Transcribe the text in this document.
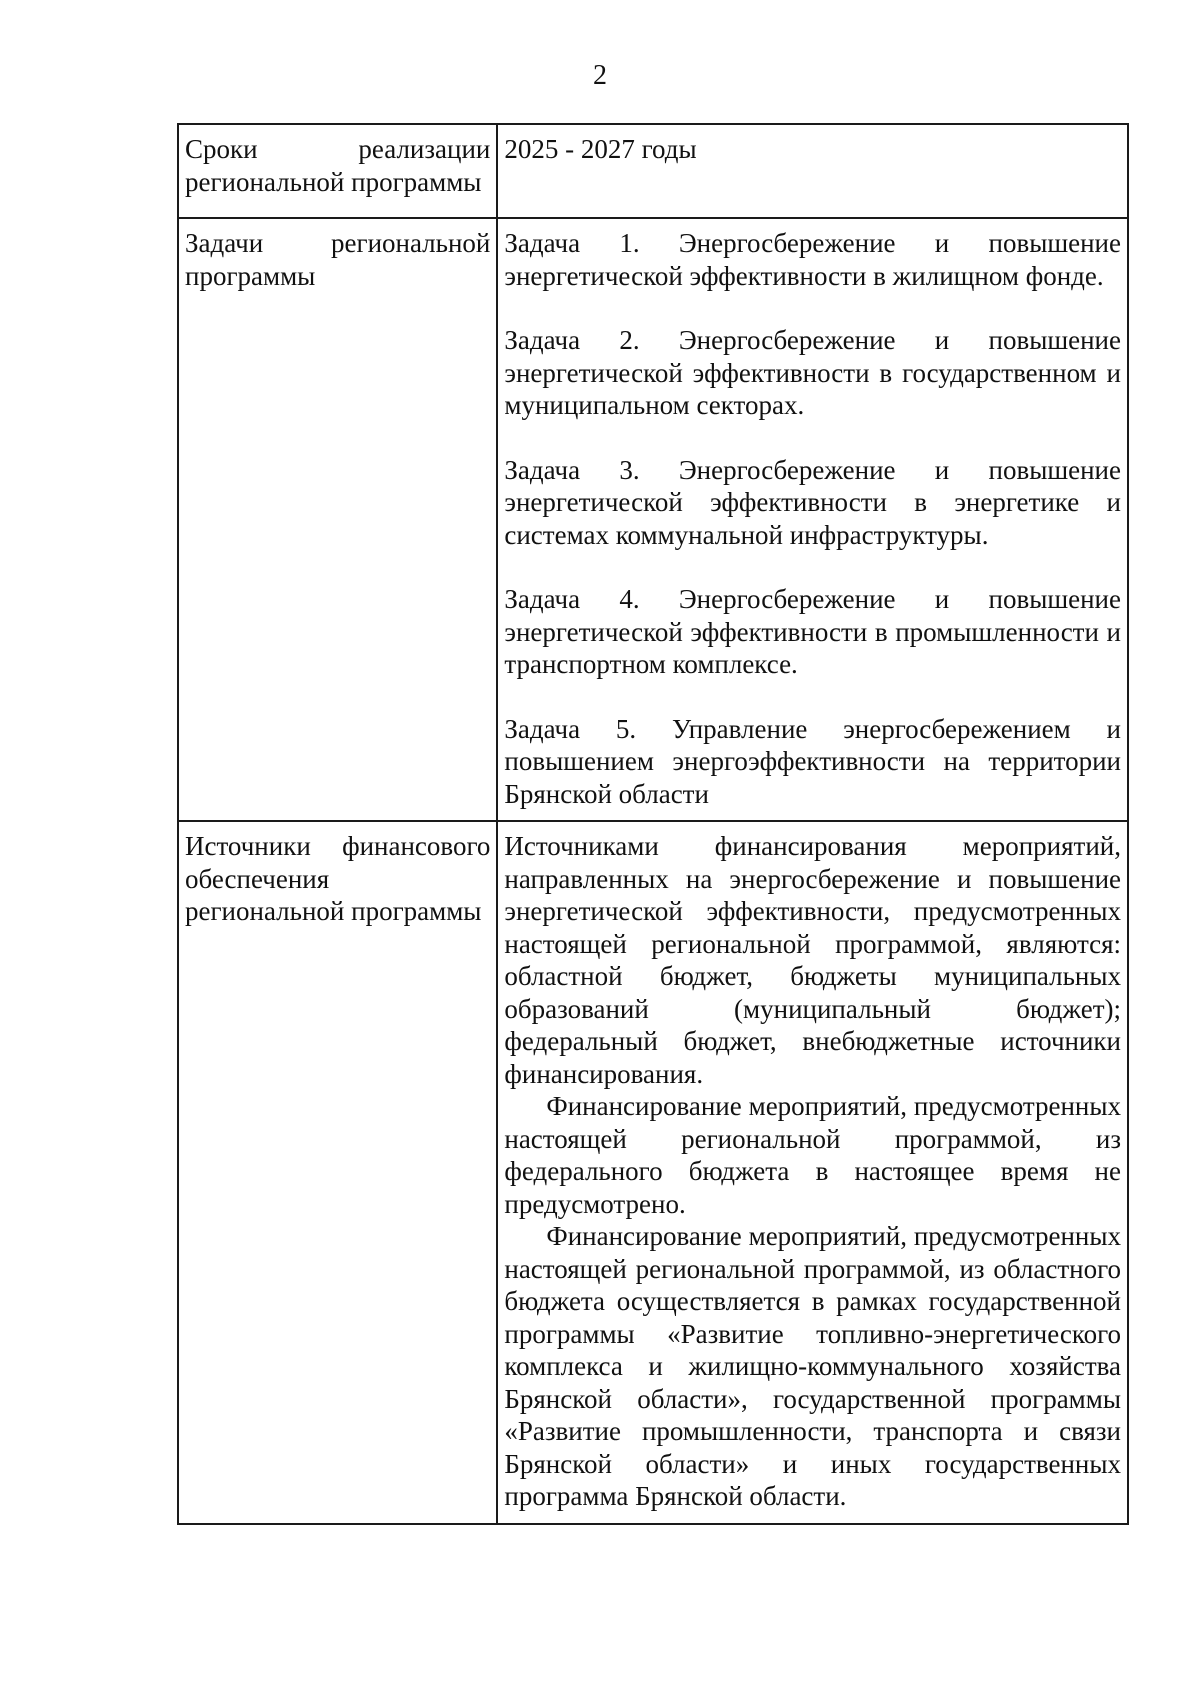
2
Сроки реализации региональной программы	2025 - 2027 годы

Задачи региональной программы	Задача 1. Энергосбережение и повышение энергетической эффективности в жилищном фонде.

Задача 2. Энергосбережение и повышение энергетической эффективности в государственном и муниципальном секторах.

Задача 3. Энергосбережение и повышение энергетической эффективности в энергетике и системах коммунальной инфраструктуры.

Задача 4. Энергосбережение и повышение энергетической эффективности в промышленности и транспортном комплексе.

Задача 5. Управление энергосбережением и повышением энергоэффективности на территории Брянской области

Источники финансового обеспечения региональной программы	Источниками финансирования мероприятий, направленных на энергосбережение и повышение энергетической эффективности, предусмотренных настоящей региональной программой, являются: областной бюджет, бюджеты муниципальных образований (муниципальный бюджет); федеральный бюджет, внебюджетные источники финансирования.

Финансирование мероприятий, предусмотренных настоящей региональной программой, из федерального бюджета в настоящее время не предусмотрено.

Финансирование мероприятий, предусмотренных настоящей региональной программой, из областного бюджета осуществляется в рамках государственной программы «Развитие топливно-энергетического комплекса и жилищно-коммунального хозяйства Брянской области», государственной программы «Развитие промышленности, транспорта и связи Брянской области» и иных государственных программа Брянской области.
